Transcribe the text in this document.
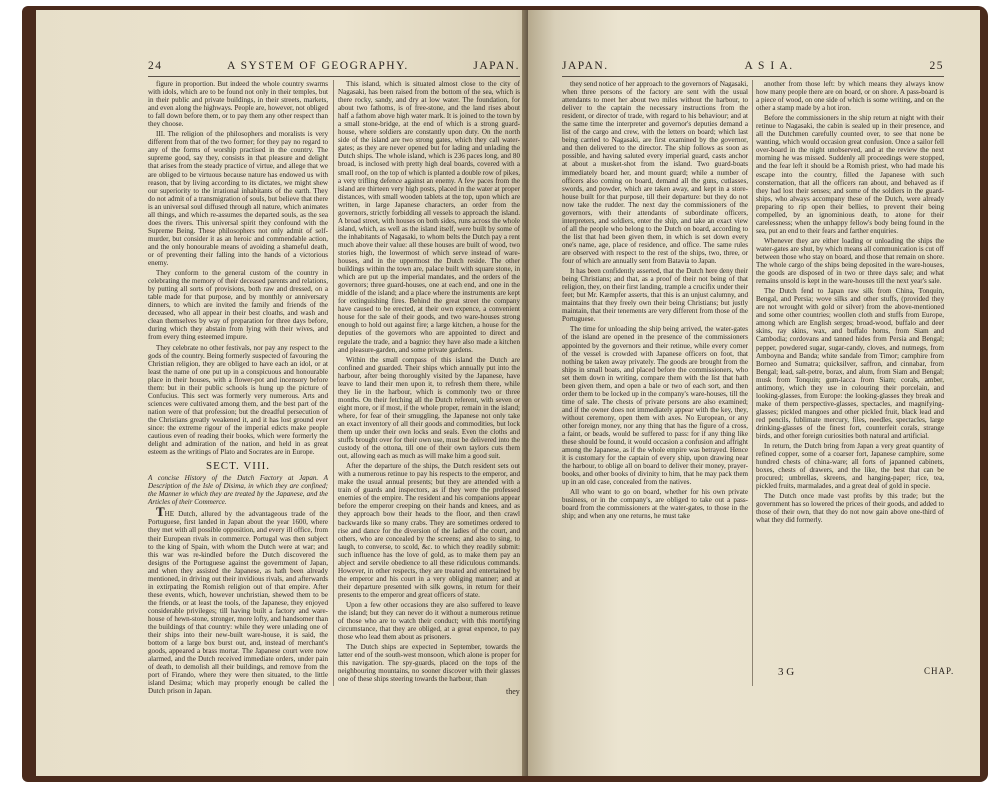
24	A SYSTEM OF GEOGRAPHY.	JAPAN.

figure in proportion. But indeed the whole country swarms with idols, which are to be found not only in their temples, but in their public and private buildings, in their streets, markets, and even along the highways. People are, however, not obliged to fall down before them, or to pay them any other respect than they choose.

III. The religion of the philosophers and moralists is very different from that of the two former; for they pay no regard to any of the forms of worship practised in the country. The supreme good, say they, consists in that pleasure and delight that arises from the steady practice of virtue, and allege that we are obliged to be virtuous because nature has endowed us with reason, that by living according to its dictates, we might shew our superiority to the irrational inhabitants of the earth. They do not admit of a transmigration of souls, but believe that there is an universal soul diffused through all nature, which animates all things, and which re-assumes the departed souls, as the sea does the rivers. This universal spirit they confound with the Supreme Being. These philosophers not only admit of self-murder, but consider it as an heroic and commendable action, and the only honourable means of avoiding a shameful death, or of preventing their falling into the hands of a victorious enemy.

They conform to the general custom of the country in celebrating the memory of their deceased parents and relations, by putting all sorts of provisions, both raw and dressed, on a table made for that purpose, and by monthly or anniversary dinners, to which are invited the family and friends of the deceased, who all appear in their best cloaths, and wash and clean themselves by way of preparation for three days before, during which they abstain from lying with their wives, and from every thing esteemed impure.

They celebrate no other festivals, nor pay any respect to the gods of the country. Being formerly suspected of favouring the Christian religion, they are obliged to have each an idol, or at least the name of one put up in a conspicuous and honourable place in their houses, with a flower-pot and incensory before them: but in their public schools is hung up the picture of Confucius. This sect was formerly very numerous. Arts and sciences were cultivated among them, and the best part of the nation were of that profession; but the dreadful persecution of the Christians greatly weakened it, and it has lost ground ever since: the extreme rigour of the imperial edicts make people cautious even of reading their books, which were formerly the delight and admiration of the nation, and held in as great esteem as the writings of Plato and Socrates are in Europe.

SECT. VIII.

A concise History of the Dutch Factory at Japan. A Description of the Isle of Disima, in which they are confined; the Manner in which they are treated by the Japanese, and the Articles of their Commerce.

THE Dutch, allured by the advantageous trade of the Portuguese, first landed in Japan about the year 1600, where they met with all possible opposition, and every ill office, from their European rivals in commerce. Portugal was then subject to the king of Spain, with whom the Dutch were at war; and this war was re-kindled before the Dutch discovered the designs of the Portuguese against the government of Japan, and when they assisted the Japanese, as hath been already mentioned, in driving out their invidious rivals, and afterwards in extirpating the Romish religion out of that empire. After these events, which, however unchristian, shewed them to be the friends, or at least the tools, of the Japanese, they enjoyed considerable privileges; till having built a factory and ware-house of hewn-stone, stronger, more lofty, and handsomer than the buildings of that country: while they were unlading one of their ships into their new-built ware-house, it is said, the bottom of a large box burst out, and, instead of merchant's goods, appeared a brass mortar. The Japanese court were now alarmed, and the Dutch received immediate orders, under pain of death, to demolish all their buildings, and remove from the port of Firando, where they were then situated, to the little island Desima; which may properly enough be called the Dutch prison in Japan.

This island, which is situated almost close to the city of Nagasaki, has been raised from the bottom of the sea, which is there rocky, sandy, and dry at low water. The foundation, for about two fathoms, is of free-stone, and the land rises about half a fathom above high water mark. It is joined to the town by a small stone-bridge, at the end of which is a strong guard-house, where soldiers are constantly upon duty. On the north side of the island are two strong gates, which they call water-gates; as they are never opened but for lading and unlading the Dutch ships. The whole island, which is 236 paces long, and 80 broad, is inclosed with pretty high deal boards, covered with a small roof, on the top of which is planted a double row of pikes, a very trifling defence against an enemy. A few paces from the island are thirteen very high posts, placed in the water at proper distances, with small wooden tablets at the top, upon which are written, in large Japanese characters, an order from the governors, strictly forbidding all vessels to approach the island. A broad street, with houses on both sides, runs across the whole island, which, as well as the island itself, were built by some of the inhabitants of Nagasaki, to whom belts the Dutch pay a rent much above their value: all these houses are built of wood, two stories high, the lowermost of which serve instead of ware-houses, and in the uppermost the Dutch reside. The other buildings within the town are, palace built with square stone, in which are put up the imperial mandates, and the orders of the governors; three guard-houses, one at each end, and one in the middle of the island; and a place where the instruments are kept for extinguishing fires. Behind the great street the company have caused to be erected, at their own expence, a convenient house for the sale of their goods, and two ware-houses strong enough to hold out against fire; a large kitchen, a house for the deputies of the governors who are appointed to direct and regulate the trade, and a bagnio: they have also made a kitchen and pleasure-garden, and some private gardens.

Within the small compass of this island the Dutch are confined and guarded. Their ships which annually put into the harbour, after being thoroughly visited by the Japanese, have leave to land their men upon it, to refresh them there, while they lie in the harbour, which is commonly two or three months. On their fetching all the Dutch referent, with seven or eight more, or if most, if the whole proper, remain in the island; where, for fear of their smuggling, the Japanese not only take an exact inventory of all their goods and commodities, but lock them up under their own locks and seals. Even the cloths and stuffs brought over for their own use, must be delivered into the custody of the ottona, till one of their own taylors cuts them out, allowing each as much as will make him a good suit.

After the departure of the ships, the Dutch resident sets out with a numerous retinue to pay his respects to the emperor, and make the usual annual presents; but they are attended with a train of guards and inspectors, as if they were the professed enemies of the empire. The resident and his companions appear before the emperor creeping on their hands and knees, and as they approach bow their heads to the floor, and then crawl backwards like so many crabs. They are sometimes ordered to rise and dance for the diversion of the ladies of the court, and others, who are concealed by the screens; and also to sing, to laugh, to converse, to scold, &c. to which they readily submit: such influence has the love of gold, as to make them pay an abject and servile obedience to all these ridiculous commands. However, in other respects, they are treated and entertained by the emperor and his court in a very obliging manner; and at their departure presented with silk gowns, in return for their presents to the emperor and great officers of state.

Upon a few other occasions they are also suffered to leave the island; but they can never do it without a numerous retinue of those who are to watch their conduct; with this mortifying circumstance, that they are obliged, at a great expence, to pay those who lead them about as prisoners.

The Dutch ships are expected in September, towards the latter end of the south-west monsoon, which alone is proper for this navigation. The spy-guards, placed on the tops of the neighbouring mountains, no sooner discover with their glasses one of these ships steering towards the harbour, than

they
JAPAN.	A S I A.	25

they send notice of her approach to the governors of Nagasaki, when three persons of the factory are sent with the usual attendants to meet her about two miles without the harbour, to deliver to the captain the necessary instructions from the resident, or director of trade, with regard to his behaviour; and at the same time the interpreter and governor's deputies demand a list of the cargo and crew, with the letters on board; which last being carried to Nagasaki, are first examined by the governor, and then delivered to the director. The ship follows as soon as possible, and having saluted every imperial guard, casts anchor at about a musket-shot from the island. Two guard-boats immediately board her, and mount guard; while a number of officers also coming on board, demand all the guns, cutlasses, swords, and powder, which are taken away, and kept in a store-house built for that purpose, till their departure: but they do not now take the rudder. The next day the commissioners of the governors, with their attendants of subordinate officers, interpreters, and soldiers, enter the ship, and take an exact view of all the people who belong to the Dutch on board, according to the list that had been given them, in which is set down every one's name, age, place of residence, and office. The same rules are observed with respect to the rest of the ships, two, three, or four of which are annually sent from Batavia to Japan.

It has been confidently asserted, that the Dutch here deny their being Christians; and that, as a proof of their not being of that religion, they, on their first landing, trample a crucifix under their feet; but Mr. Kæmpfer asserts, that this is an unjust calumny, and maintains that they freely own their being Christians; but justly maintain, that their tenements are very different from those of the Portuguese.

The time for unloading the ship being arrived, the water-gates of the island are opened in the presence of the commissioners appointed by the governors and their retinue, while every corner of the vessel is crowded with Japanese officers on foot, that nothing be taken away privately. The goods are brought from the ships in small boats, and placed before the commissioners, who set them down in writing, compare them with the list that hath been given them, and open a bale or two of each sort, and then order them to be locked up in the company's ware-houses, till the time of sale. The chests of private persons are also examined; and if the owner does not immediately appear with the key, they, without ceremony, open them with axes. No European, or any other foreign money, nor any thing that has the figure of a cross, a faint, or beads, would be suffered to pass: for if any thing like these should be found, it would occasion a confusion and affright among the Japanese, as if the whole empire was betrayed. Hence it is customary for the captain of every ship, upon drawing near the harbour, to oblige all on board to deliver their money, prayer-books, and other books of divinity to him, that he may pack them up in an old case, concealed from the natives.

All who want to go on board, whether for his own private business, or in the company's, are obliged to take out a pass-board from the commissioners at the water-gates, to those in the ship; and when any one returns, he must take

another from those left: by which means they always know how many people there are on board, or on shore. A pass-board is a piece of wood, on one side of which is some writing, and on the other a stamp made by a hot iron.

Before the commissioners in the ship return at night with their retinue to Nagasaki, the cabin is sealed up in their presence, and all the Dutchmen carefully counted over, to see that none be wanting, which would occasion great confusion. Once a sailor fell over-board in the night unobserved, and at the review the next morning he was missed. Suddenly all proceedings were stopped, and the fear left it should be a Romish priest, who had made his escape into the country, filled the Japanese with such consternation, that all the officers ran about, and behaved as if they had lost their senses; and some of the soldiers in the guard-ships, who always accompany these of the Dutch, were already preparing to rip open their bellies, to prevent their being compelled, by an ignominious death, to atone for their carelessness; when the unhappy fellow's body being found in the sea, put an end to their fears and farther enquiries.

Whenever they are either loading or unloading the ships the water-gates are shut, by which means all communication is cut off between those who stay on board, and those that remain on shore. The whole cargo of the ships being deposited in the ware-houses, the goods are disposed of in two or three days sale; and what remains unsold is kept in the ware-houses till the next year's sale.

The Dutch fend to Japan raw silk from China, Tonquin, Bengal, and Persia; wove silks and other stuffs, (provided they are not wrought with gold or silver) from the above-mentioned and some other countries; woollen cloth and stuffs from Europe, among which are English serges; broad-wood, buffalo and deer skins, ray skins, wax, and buffalo horns, from Siam and Cambodia; cordovans and tanned hides from Persia and Bengal; pepper, powdered sugar, sugar-candy, cloves, and nutmegs, from Amboyna and Banda; white sandale from Timor; camphire from Borneo and Sumatra; quicksilver, saffron, and cinnabar, from Bengal; lead, salt-petre, borax, and alum, from Siam and Bengal; musk from Tonquin; gum-lacca from Siam; corals, amber, antimony, which they use in colouring their porcelain, and looking-glasses, from Europe: the looking-glasses they break and make of them perspective-glasses, spectacles, and magnifying-glasses; pickled mangoes and other pickled fruit, black lead and red pencils, fublimate mercury, files, needles, spectacles, large drinking-glasses of the finest fort, counterfeit corals, strange birds, and other foreign curiosities both natural and artificial.

In return, the Dutch bring from Japan a very great quantity of refined copper, some of a coarser fort, Japanese camphire, some hundred chests of china-ware; all forts of japanned cabinets, boxes, chests of drawers, and the like, the best that can be procured; umbrellas, skreens, and hanging-paper; rice, tea, pickled fruits, marmalades, and a great deal of gold in specie.

The Dutch once made vast profits by this trade; but the government has so lowered the prices of their goods, and added to those of their own, that they do not now gain above one-third of what they did formerly.

3 G	CHAP.
